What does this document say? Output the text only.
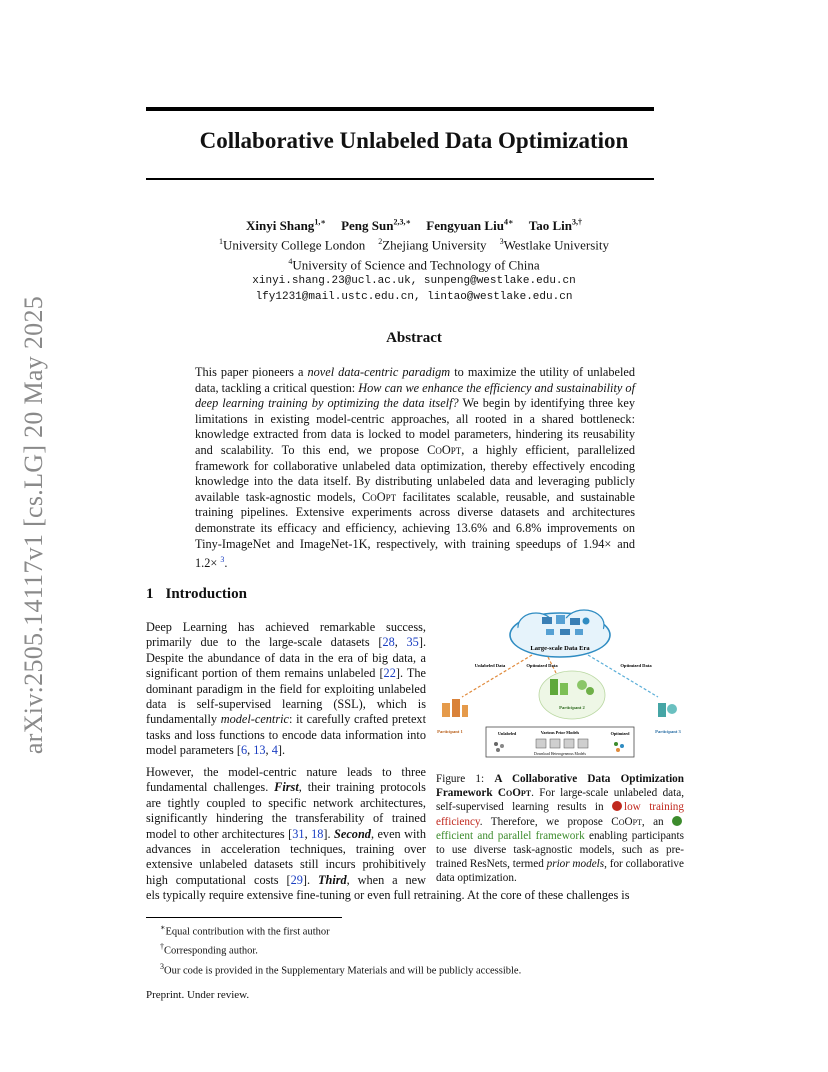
arXiv:2505.14117v1 [cs.LG] 20 May 2025
Collaborative Unlabeled Data Optimization
Xinyi Shang$^{1,∗}$ Peng Sun$^{2,3,∗}$ Fengyuan Liu$^{4∗}$ Tao Lin$^{3,\dagger}$
$^1$University College London $^2$Zhejiang University $^3$Westlake University
$^4$University of Science and Technology of China
xinyi.shang.23@ucl.ac.uk, sunpeng@westlake.edu.cn
lfy1231@mail.ustc.edu.cn, lintao@westlake.edu.cn
Abstract
This paper pioneers a novel data-centric paradigm to maximize the utility of unlabeled data, tackling a critical question: How can we enhance the efficiency and sustainability of deep learning training by optimizing the data itself? We begin by identifying three key limitations in existing model-centric approaches, all rooted in a shared bottleneck: knowledge extracted from data is locked to model parameters, hindering its reusability and scalability. To this end, we propose CoOpt, a highly efficient, parallelized framework for collaborative unlabeled data optimization, thereby effectively encoding knowledge into the data itself. By distributing unlabeled data and leveraging publicly available task-agnostic models, CoOpt facilitates scalable, reusable, and sustainable training pipelines. Extensive experiments across diverse datasets and architectures demonstrate its efficacy and efficiency, achieving 13.6% and 6.8% improvements on Tiny-ImageNet and ImageNet-1K, respectively, with training speedups of 1.94× and 1.2× $^3$.
1 Introduction
Deep Learning has achieved remarkable success, primarily due to the large-scale datasets [28, 35]. Despite the abundance of data in the era of big data, a significant portion of them remains unlabeled [22]. The dominant paradigm in the field for exploiting unlabeled data is self-supervised learning (SSL), which is fundamentally model-centric: it carefully crafted pretext tasks and loss functions to encode data information into model parameters [6, 13, 4].
However, the model-centric nature leads to three fundamental challenges. First, their training protocols are tightly coupled to specific network architectures, significantly hindering the transferability of trained model to other architectures [31, 18]. Second, even with advances in acceleration techniques, training over extensive unlabeled datasets still incurs prohibitively high computational costs [29]. Third, when a new
els typically require extensive fine-tuning or even full retraining. At the core of these challenges is
Large-scale Data Era
Unlabeled Data	Optimized Data	Optimized Data
Participant 2
Participant 1	Participant 3
Unlabeled	Various Prior Models	Optimized
Download Heterogeneous Models
Figure 1: A Collaborative Data Optimization Framework CoOpt. For large-scale unlabeled data, self-supervised learning results in low training efficiency. Therefore, we propose CoOpt, an efficient and parallel framework enabling participants to use diverse task-agnostic models, such as pre-trained ResNets, termed prior models, for collaborative data optimization.
∗Equal contribution with the first author
†Corresponding author.
$^3$Our code is provided in the Supplementary Materials and will be publicly accessible.
Preprint. Under review.
